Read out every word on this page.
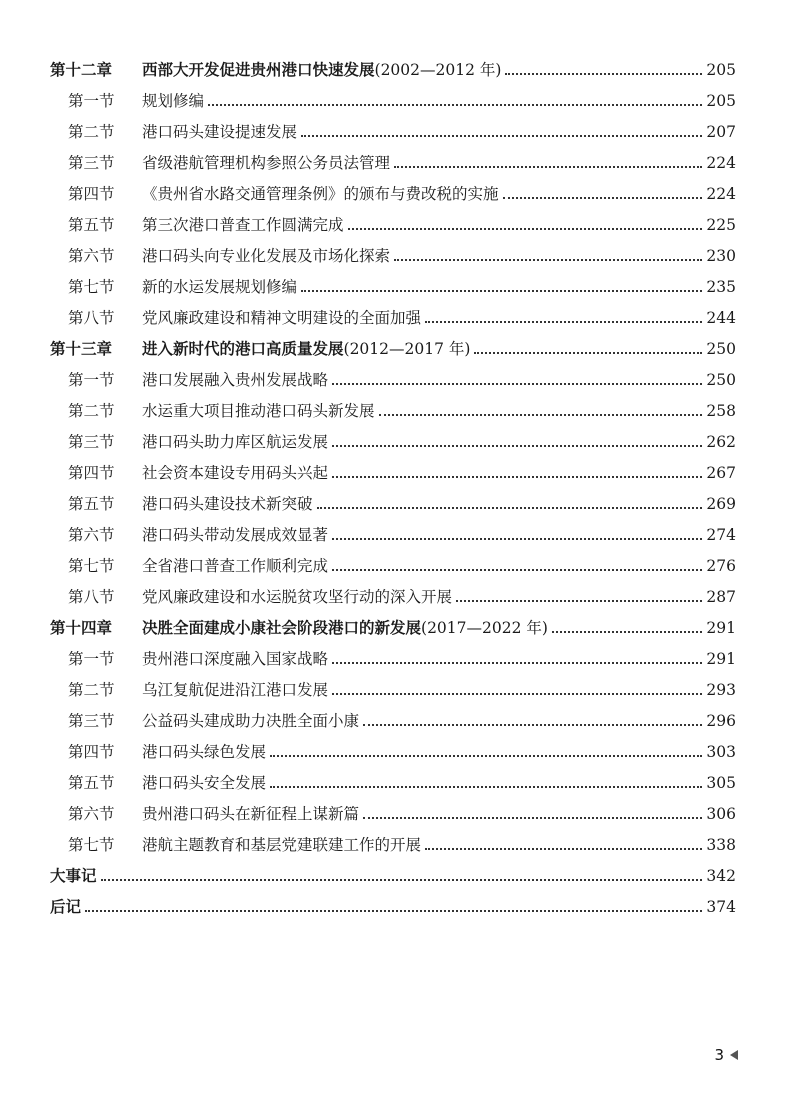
第十二章	西部大开发促进贵州港口快速发展(2002—2012 年)	205
第一节	规划修编	205
第二节	港口码头建设提速发展	207
第三节	省级港航管理机构参照公务员法管理	224
第四节	《贵州省水路交通管理条例》的颁布与费改税的实施	224
第五节	第三次港口普查工作圆满完成	225
第六节	港口码头向专业化发展及市场化探索	230
第七节	新的水运发展规划修编	235
第八节	党风廉政建设和精神文明建设的全面加强	244
第十三章	进入新时代的港口高质量发展(2012—2017 年)	250
第一节	港口发展融入贵州发展战略	250
第二节	水运重大项目推动港口码头新发展	258
第三节	港口码头助力库区航运发展	262
第四节	社会资本建设专用码头兴起	267
第五节	港口码头建设技术新突破	269
第六节	港口码头带动发展成效显著	274
第七节	全省港口普查工作顺利完成	276
第八节	党风廉政建设和水运脱贫攻坚行动的深入开展	287
第十四章	决胜全面建成小康社会阶段港口的新发展(2017—2022 年)	291
第一节	贵州港口深度融入国家战略	291
第二节	乌江复航促进沿江港口发展	293
第三节	公益码头建成助力决胜全面小康	296
第四节	港口码头绿色发展	303
第五节	港口码头安全发展	305
第六节	贵州港口码头在新征程上谋新篇	306
第七节	港航主题教育和基层党建联建工作的开展	338
大事记	342
后记	374
3
